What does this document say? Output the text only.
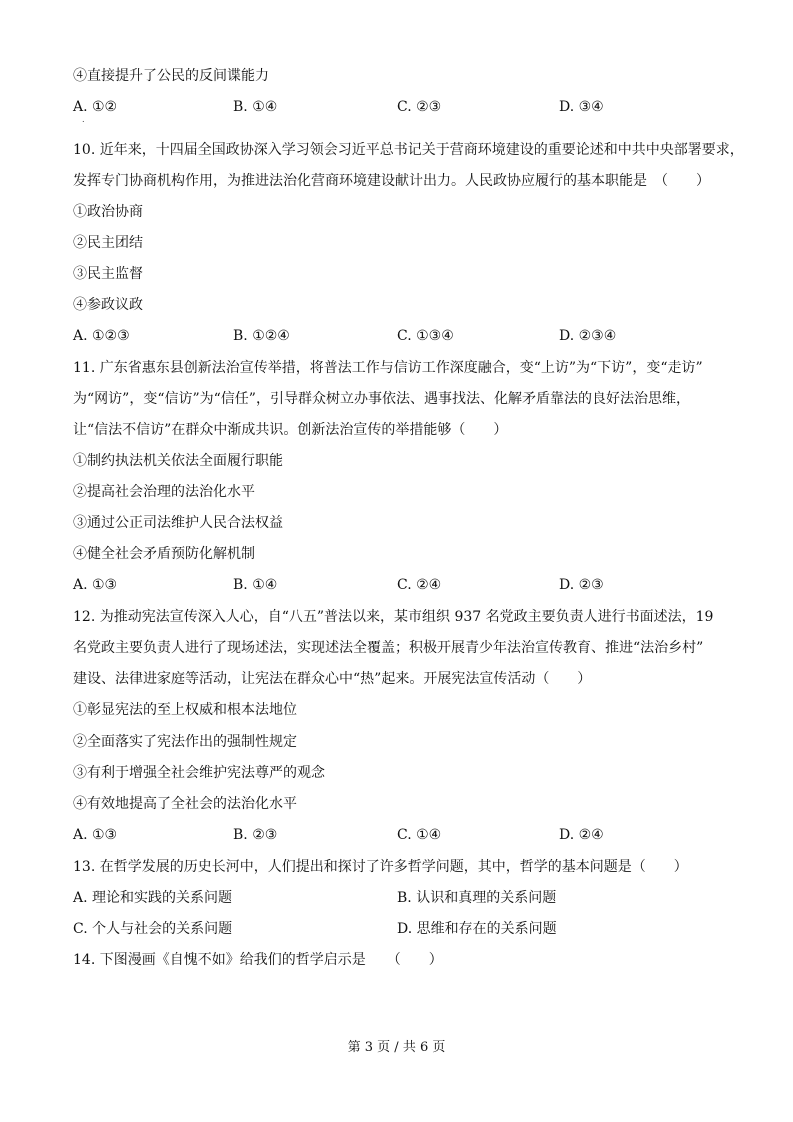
④直接提升了公民的反间谍能力
A. ①②	B. ①④	C. ②③	D. ③④
.
10. 近年来，十四届全国政协深入学习领会习近平总书记关于营商环境建设的重要论述和中共中央部署要求，
发挥专门协商机构作用，为推进法治化营商环境建设献计出力。人民政协应履行的基本职能是　（　　）
①政治协商
②民主团结
③民主监督
④参政议政
A. ①②③	B. ①②④	C. ①③④	D. ②③④
11. 广东省惠东县创新法治宣传举措，将普法工作与信访工作深度融合，变“上访”为“下访”，变“走访”
为“网访”，变“信访”为“信任”，引导群众树立办事依法、遇事找法、化解矛盾靠法的良好法治思维，
让“信法不信访”在群众中渐成共识。创新法治宣传的举措能够（　　）
①制约执法机关依法全面履行职能
②提高社会治理的法治化水平
③通过公正司法维护人民合法权益
④健全社会矛盾预防化解机制
A. ①③	B. ①④	C. ②④	D. ②③
12. 为推动宪法宣传深入人心，自“八五”普法以来，某市组织 937 名党政主要负责人进行书面述法，19
名党政主要负责人进行了现场述法，实现述法全覆盖；积极开展青少年法治宣传教育、推进“法治乡村”
建设、法律进家庭等活动，让宪法在群众心中“热”起来。开展宪法宣传活动（　　）
①彰显宪法的至上权威和根本法地位
②全面落实了宪法作出的强制性规定
③有利于增强全社会维护宪法尊严的观念
④有效地提高了全社会的法治化水平
A. ①③	B. ②③	C. ①④	D. ②④
13. 在哲学发展的历史长河中，人们提出和探讨了许多哲学问题，其中，哲学的基本问题是（　　）
A. 理论和实践的关系问题	B. 认识和真理的关系问题
C. 个人与社会的关系问题	D. 思维和存在的关系问题
14. 下图漫画《自愧不如》给我们的哲学启示是　　（　　）
第 3 页 / 共 6 页
